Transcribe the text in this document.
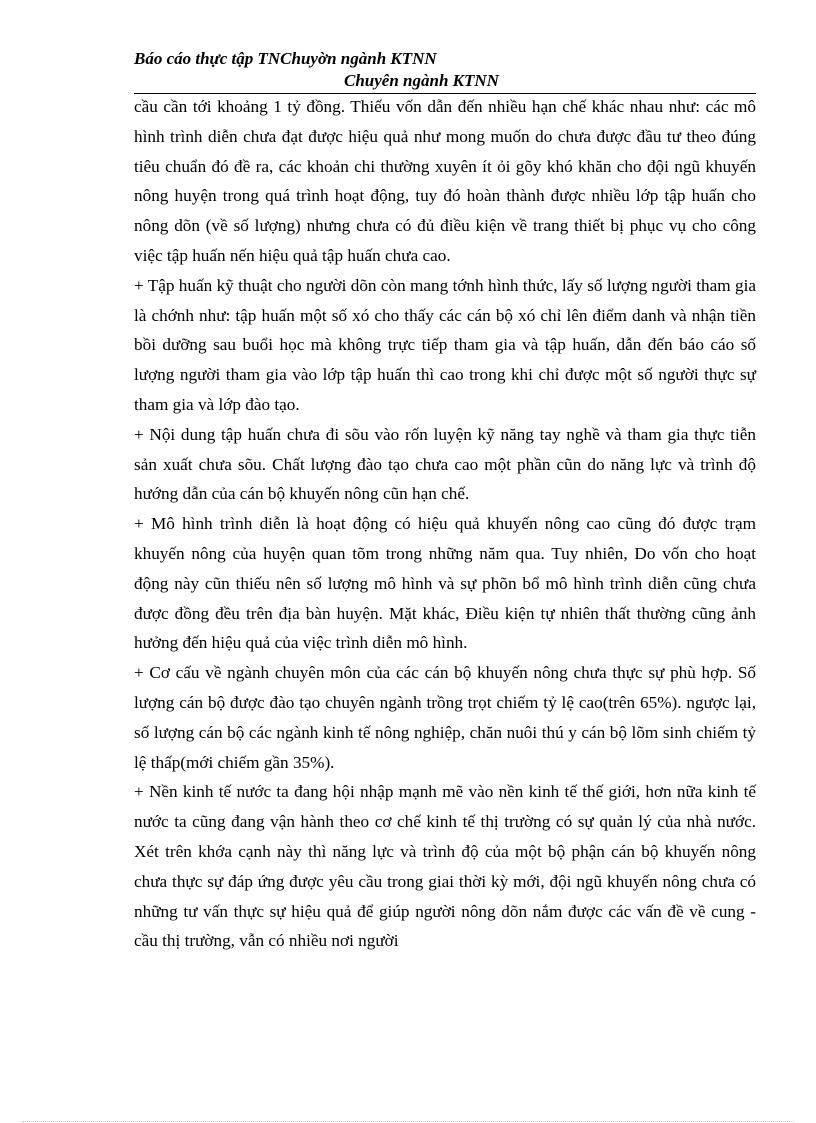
Báo cáo thực tập TNChuyờn ngành KTNN
Chuyên ngành KTNN

cầu cần tới khoảng 1 tỷ đồng. Thiếu vốn dẫn đến nhiều hạn chế khác nhau như: các mô hình trình diễn chưa đạt được hiệu quả như mong muốn do chưa được đầu tư theo đúng tiêu chuẩn đó đề ra, các khoản chi thường xuyên ít ỏi gõy khó khăn cho đội ngũ khuyến nông huyện trong quá trình hoạt động, tuy đó hoàn thành được nhiều lớp tập huấn cho nông dõn (về số lượng) nhưng chưa có đủ điều kiện về trang thiết bị phục vụ cho công việc tập huấn nến hiệu quả tập huấn chưa cao.

+ Tập huấn kỹ thuật cho người dõn còn mang tớnh hình thức, lấy số lượng người tham gia là chớnh như: tập huấn một số xó cho thấy các cán bộ xó chỉ lên điểm danh và nhận tiền bồi dưỡng sau buổi học mà không trực tiếp tham gia và tập huấn, dẫn đến báo cáo số lượng người tham gia vào lớp tập huấn thì cao trong khi chỉ được một số người thực sự tham gia và lớp đào tạo.

+ Nội dung tập huấn chưa đi sõu vào rốn luyện kỹ năng tay nghề và tham gia thực tiễn sản xuất chưa sõu. Chất lượng đào tạo chưa cao một phần cũn do năng lực và trình độ hướng dẫn của cán bộ khuyến nông cũn hạn chế.

+ Mô hình trình diễn là hoạt động có hiệu quả khuyến nông cao cũng đó được trạm khuyến nông của huyện quan tõm trong những năm qua. Tuy nhiên, Do vốn cho hoạt động này cũn thiếu nên số lượng mô hình và sự phõn bổ mô hình trình diễn cũng chưa được đồng đều trên địa bàn huyện. Mặt khác, Điều kiện tự nhiên thất thường cũng ảnh hưởng đến hiệu quả của việc trình diễn mô hình.

+ Cơ cấu về ngành chuyên môn của các cán bộ khuyến nông chưa thực sự phù hợp. Số lượng cán bộ được đào tạo chuyên ngành trồng trọt chiếm tỷ lệ cao(trên 65%). ngược lại, số lượng cán bộ các ngành kinh tế nông nghiệp, chăn nuôi thú y cán bộ lõm sinh chiếm tỷ lệ thấp(mới chiếm gần 35%).

+ Nền kinh tế nước ta đang hội nhập mạnh mẽ vào nền kinh tế thế giới, hơn nữa kinh tế nước ta cũng đang vận hành theo cơ chế kinh tế thị trường có sự quản lý của nhà nước. Xét trên khớa cạnh này thì năng lực và trình độ của một bộ phận cán bộ khuyến nông chưa thực sự đáp ứng được yêu cầu trong giai thời kỳ mới, đội ngũ khuyến nông chưa có những tư vấn thực sự hiệu quả để giúp người nông dõn nắm được các vấn đề về cung - cầu thị trường, vẫn có nhiều nơi người
